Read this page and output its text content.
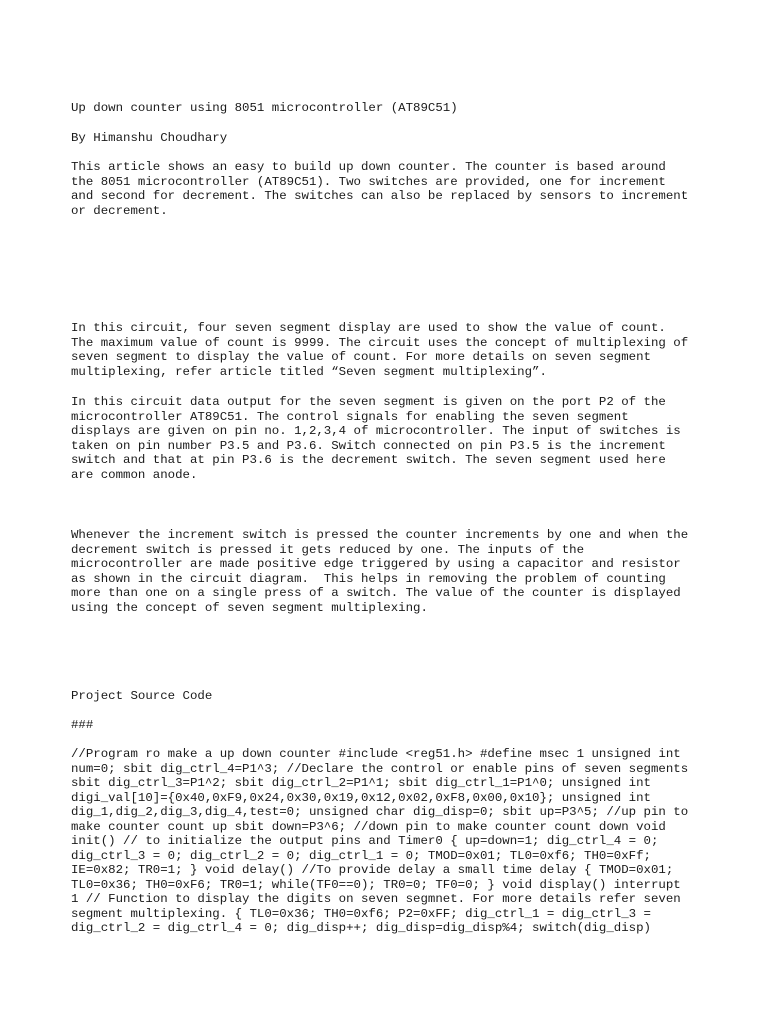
Up down counter using 8051 microcontroller (AT89C51)
By Himanshu Choudhary
This article shows an easy to build up down counter. The counter is based around
the 8051 microcontroller (AT89C51). Two switches are provided, one for increment
and second for decrement. The switches can also be replaced by sensors to increment
or decrement.
In this circuit, four seven segment display are used to show the value of count.
The maximum value of count is 9999. The circuit uses the concept of multiplexing of
seven segment to display the value of count. For more details on seven segment
multiplexing, refer article titled “Seven segment multiplexing”.
In this circuit data output for the seven segment is given on the port P2 of the
microcontroller AT89C51. The control signals for enabling the seven segment
displays are given on pin no. 1,2,3,4 of microcontroller. The input of switches is
taken on pin number P3.5 and P3.6. Switch connected on pin P3.5 is the increment
switch and that at pin P3.6 is the decrement switch. The seven segment used here
are common anode.
Whenever the increment switch is pressed the counter increments by one and when the
decrement switch is pressed it gets reduced by one. The inputs of the
microcontroller are made positive edge triggered by using a capacitor and resistor
as shown in the circuit diagram.  This helps in removing the problem of counting
more than one on a single press of a switch. The value of the counter is displayed
using the concept of seven segment multiplexing.
Project Source Code
###
//Program ro make a up down counter #include <reg51.h> #define msec 1 unsigned int
num=0; sbit dig_ctrl_4=P1^3; //Declare the control or enable pins of seven segments
sbit dig_ctrl_3=P1^2; sbit dig_ctrl_2=P1^1; sbit dig_ctrl_1=P1^0; unsigned int
digi_val[10]={0x40,0xF9,0x24,0x30,0x19,0x12,0x02,0xF8,0x00,0x10}; unsigned int
dig_1,dig_2,dig_3,dig_4,test=0; unsigned char dig_disp=0; sbit up=P3^5; //up pin to
make counter count up sbit down=P3^6; //down pin to make counter count down void
init() // to initialize the output pins and Timer0 { up=down=1; dig_ctrl_4 = 0;
dig_ctrl_3 = 0; dig_ctrl_2 = 0; dig_ctrl_1 = 0; TMOD=0x01; TL0=0xf6; TH0=0xFf;
IE=0x82; TR0=1; } void delay() //To provide delay a small time delay { TMOD=0x01;
TL0=0x36; TH0=0xF6; TR0=1; while(TF0==0); TR0=0; TF0=0; } void display() interrupt
1 // Function to display the digits on seven segmnet. For more details refer seven
segment multiplexing. { TL0=0x36; TH0=0xf6; P2=0xFF; dig_ctrl_1 = dig_ctrl_3 =
dig_ctrl_2 = dig_ctrl_4 = 0; dig_disp++; dig_disp=dig_disp%4; switch(dig_disp)
